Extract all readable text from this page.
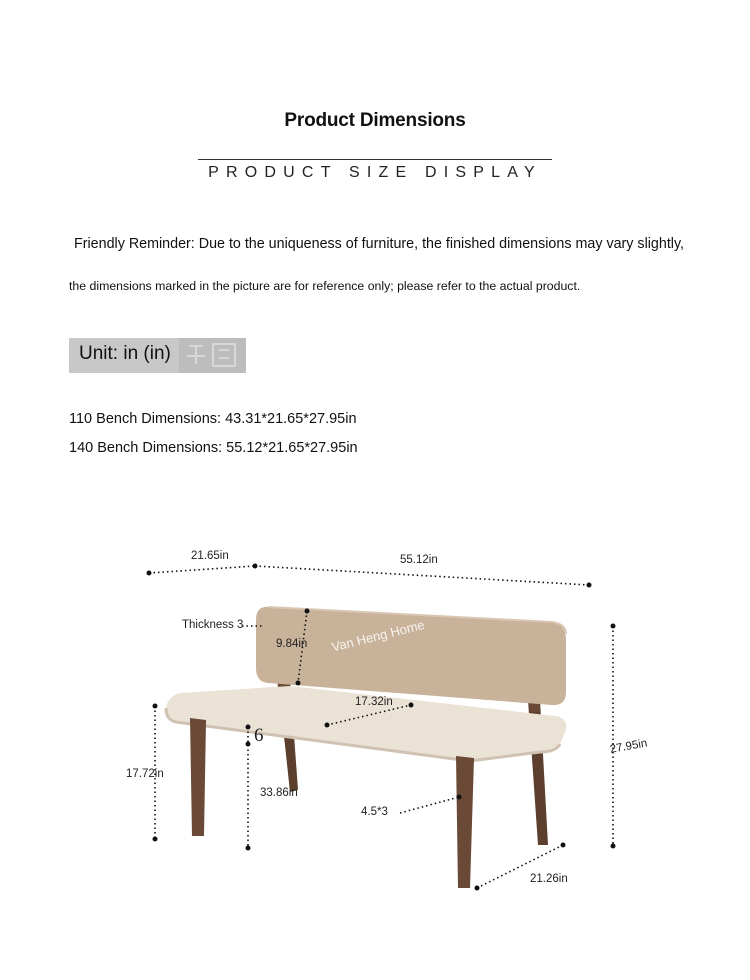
Product Dimensions
PRODUCT SIZE DISPLAY
Friendly Reminder: Due to the uniqueness of furniture, the finished dimensions may vary slightly,
the dimensions marked in the picture are for reference only; please refer to the actual product.
Unit: in (in)
110 Bench Dimensions: 43.31*21.65*27.95in
140 Bench Dimensions: 55.12*21.65*27.95in
Van Heng Home
21.65in	55.12in
Thickness 3
9.84in
17.32in
27.95in
17.72in
6
33.86in
4.5*3
21.26in
